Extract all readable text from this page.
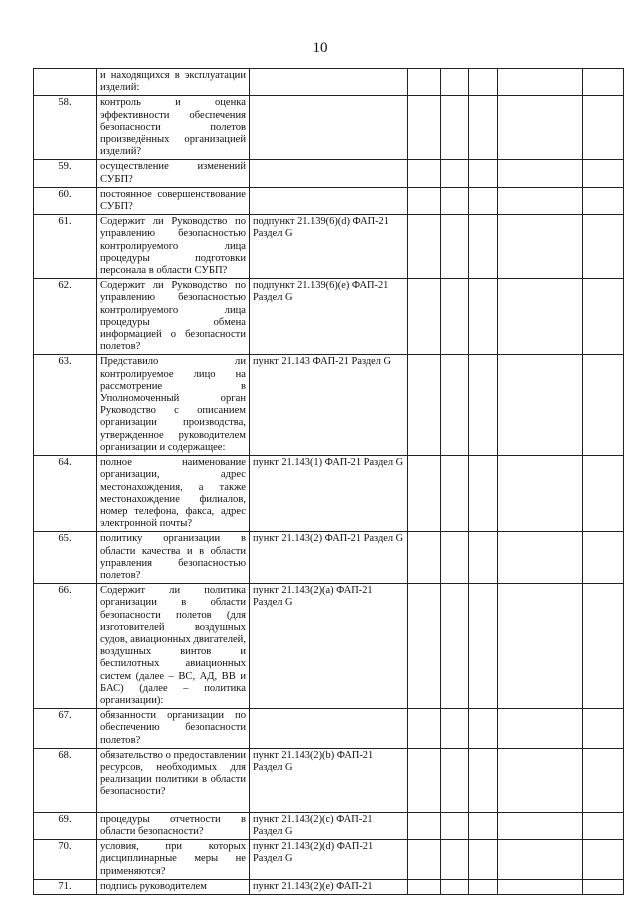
10
	и находящихся в эксплуатации изделий:						
58.	контроль и оценка эффективности обеспечения безопасности полетов произведённых организацией изделий?						
59.	осуществление изменений СУБП?						
60.	постоянное совершенствование СУБП?						
61.	Содержит ли Руководство по управлению безопасностью контролируемого лица процедуры подготовки персонала в области СУБП?	подпункт 21.139(6)(d) ФАП-21 Раздел G					
62.	Содержит ли Руководство по управлению безопасностью контролируемого лица процедуры обмена информацией о безопасности полетов?	подпункт 21.139(6)(e) ФАП-21 Раздел G					
63.	Представило ли контролируемое лицо на рассмотрение в Уполномоченный орган Руководство с описанием организации производства, утвержденное руководителем организации и содержащее:	пункт 21.143 ФАП-21 Раздел G					
64.	полное наименование организации, адрес местонахождения, а также местонахождение филиалов, номер телефона, факса, адрес электронной почты?	пункт 21.143(1) ФАП-21 Раздел G					
65.	политику организации в области качества и в области управления безопасностью полетов?	пункт 21.143(2) ФАП-21 Раздел G					
66.	Содержит ли политика организации в области безопасности полетов (для изготовителей воздушных судов, авиационных двигателей, воздушных винтов и беспилотных авиационных систем (далее – ВС, АД, ВВ и БАС) (далее – политика организации):	пункт 21.143(2)(a) ФАП-21 Раздел G					
67.	обязанности организации по обеспечению безопасности полетов?						
68.	обязательство о предоставлении ресурсов, необходимых для реализации политики в области безопасности?	пункт 21.143(2)(b) ФАП-21 Раздел G					
69.	процедуры отчетности в области безопасности?	пункт 21.143(2)(c) ФАП-21 Раздел G					
70.	условия, при которых дисциплинарные меры не применяются?	пункт 21.143(2)(d) ФАП-21 Раздел G					
71.	подпись руководителем	пункт 21.143(2)(e) ФАП-21					
